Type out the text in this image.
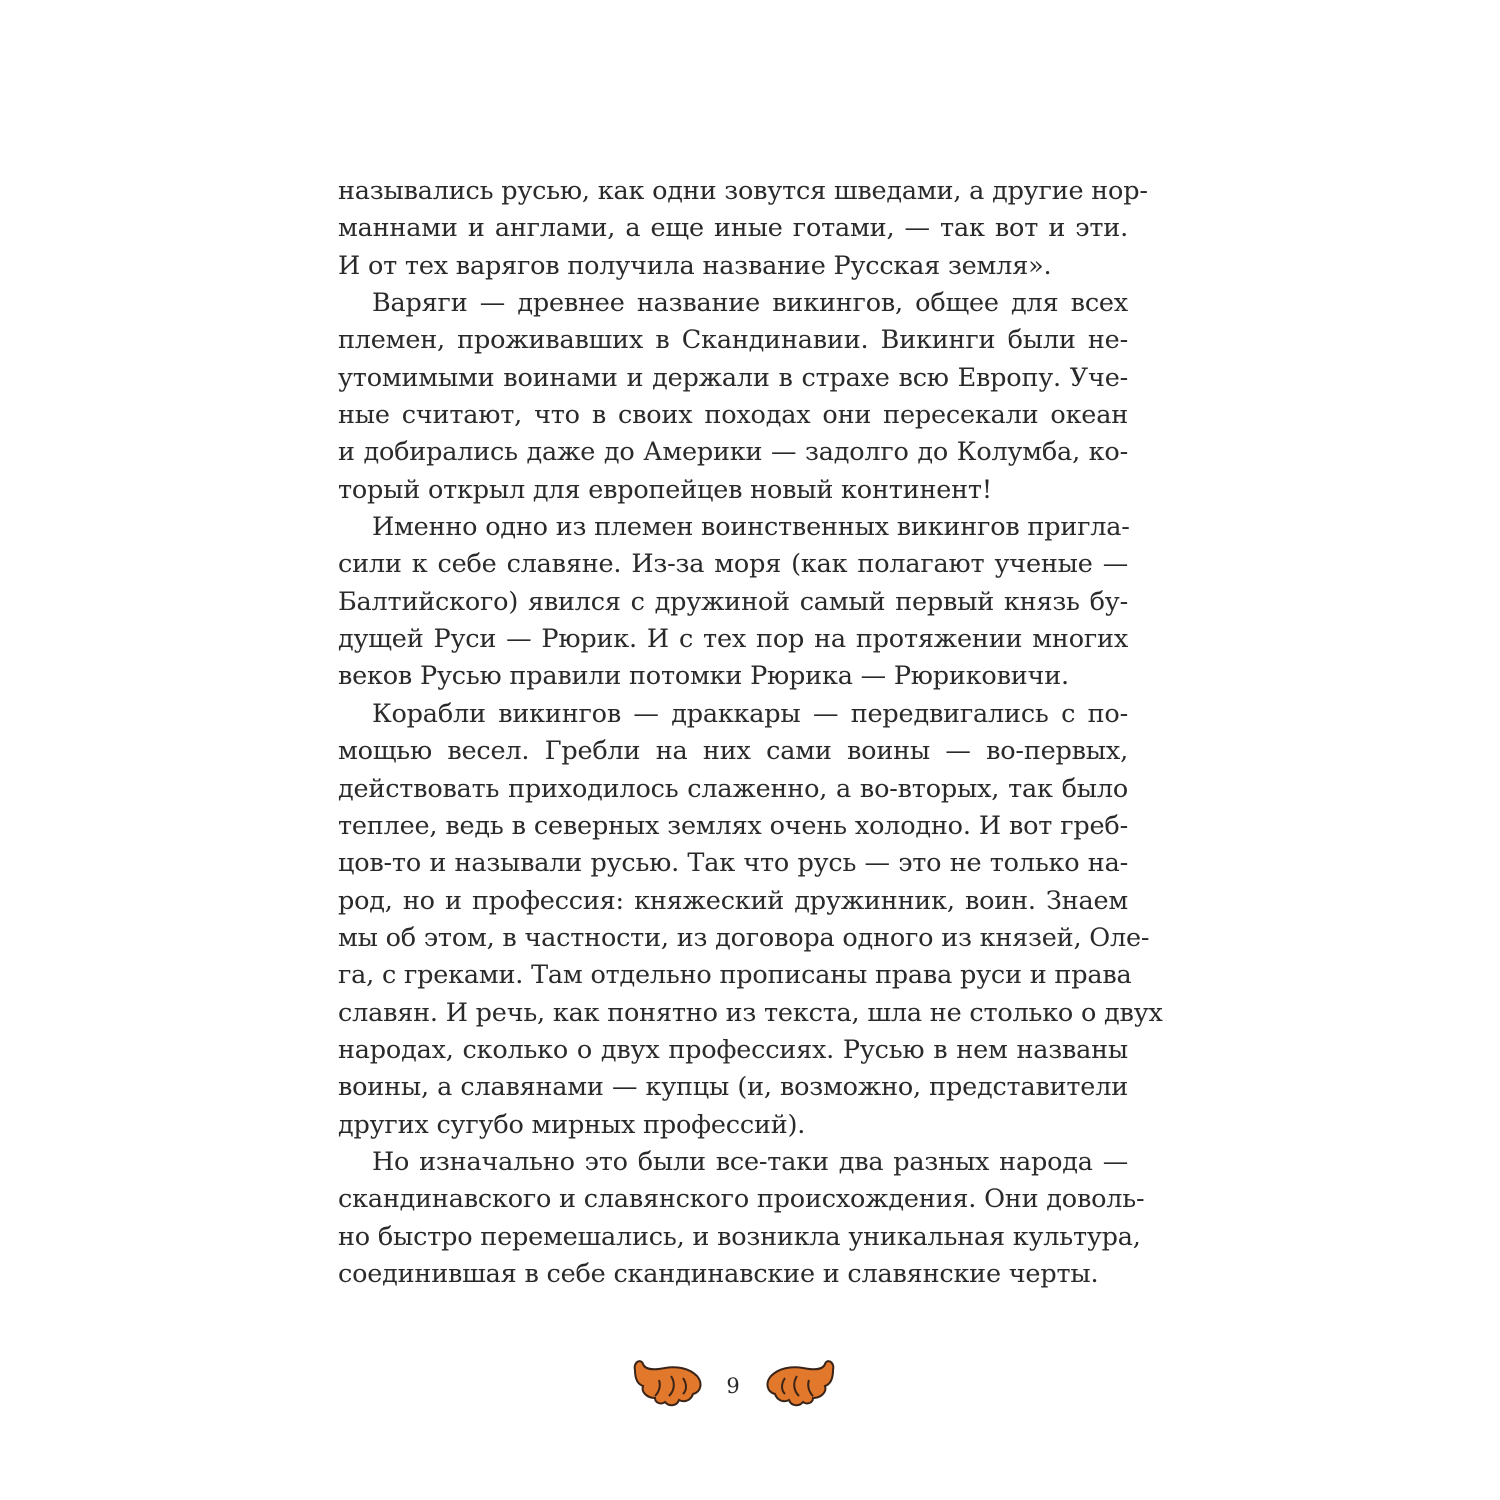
назывались русью, как одни зовутся шведами, а другие нор-
маннами и англами, а еще иные готами, — так вот и эти.
И от тех варягов получила название Русская земля».
Варяги — древнее название викингов, общее для всех
племен, проживавших в Скандинавии. Викинги были не-
утомимыми воинами и держали в страхе всю Европу. Уче-
ные считают, что в своих походах они пересекали океан
и добирались даже до Америки — задолго до Колумба, ко-
торый открыл для европейцев новый континент!
Именно одно из племен воинственных викингов пригла-
сили к себе славяне. Из-за моря (как полагают ученые —
Балтийского) явился с дружиной самый первый князь бу-
дущей Руси — Рюрик. И с тех пор на протяжении многих
веков Русью правили потомки Рюрика — Рюриковичи.
Корабли викингов — драккары — передвигались с по-
мощью весел. Гребли на них сами воины — во-первых,
действовать приходилось слаженно, а во-вторых, так было
теплее, ведь в северных землях очень холодно. И вот греб-
цов-то и называли русью. Так что русь — это не только на-
род, но и профессия: княжеский дружинник, воин. Знаем
мы об этом, в частности, из договора одного из князей, Оле-
га, с греками. Там отдельно прописаны права руси и права
славян. И речь, как понятно из текста, шла не столько о двух
народах, сколько о двух профессиях. Русью в нем названы
воины, а славянами — купцы (и, возможно, представители
других сугубо мирных профессий).
Но изначально это были все-таки два разных народа —
скандинавского и славянского происхождения. Они доволь-
но быстро перемешались, и возникла уникальная культура,
соединившая в себе скандинавские и славянские черты.
9
